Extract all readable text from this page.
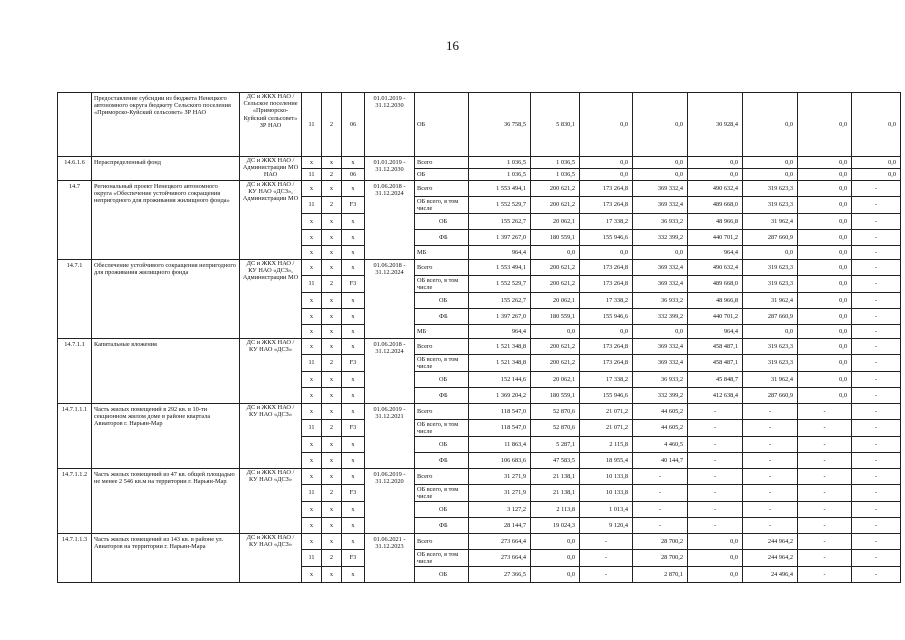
16
	Предоставление субсидии из бюджета Ненецкого автономного округа бюджету Сельского поселения «Приморско-Куйский сельсовет» ЗР НАО	ДС и ЖКХ НАО / Сельское поселение «Приморско-Куйский сельсовет» ЗР НАО	11	2	06	01.01.2019 - 31.12.2030	ОБ	36 758,5	5 830,1	0,0	0,0	30 928,4	0,0	0,0	0,0
14.6.1.6	Нераспределенный фонд	ДС и ЖКХ НАО / Администрации МО НАО	x	x	x	01.01.2019 - 31.12.2030	Всего	1 036,5	1 036,5	0,0	0,0	0,0	0,0	0,0	0,0
			11	2	06		ОБ	1 036,5	1 036,5	0,0	0,0	0,0	0,0	0,0	0,0
14.7	Региональный проект Ненецкого автономного округа «Обеспечение устойчивого сокращения непригодного для проживания жилищного фонда»	ДС и ЖКХ НАО / КУ НАО «ДСЗ», Администрации МО	x	x	x	01.06.2018 - 31.12.2024	Всего	1 553 494,1	200 621,2	173 264,8	369 332,4	490 632,4	319 623,3	0,0	-
			11	2	F3		ОБ всего, в том числе	1 552 529,7	200 621,2	173 264,8	369 332,4	489 668,0	319 623,3	0,0	-
			x	x	x		ОБ	155 262,7	20 062,1	17 338,2	36 933,2	48 966,8	31 962,4	0,0	-
			x	x	x		ФБ	1 397 267,0	180 559,1	155 946,6	332 399,2	440 701,2	287 660,9	0,0	-
			x	x	x		МБ	964,4	0,0	0,0	0,0	964,4	0,0	0,0	-
14.7.1	Обеспечение устойчивого сокращения непригодного для проживания жилищного фонда	ДС и ЖКХ НАО / КУ НАО «ДСЗ», Администрации МО	x	x	x	01.06.2018 - 31.12.2024	Всего	1 553 494,1	200 621,2	173 264,8	369 332,4	490 632,4	319 623,3	0,0	-
			11	2	F3		ОБ всего, в том числе	1 552 529,7	200 621,2	173 264,8	369 332,4	489 668,0	319 623,3	0,0	-
			x	x	x		ОБ	155 262,7	20 062,1	17 338,2	36 933,2	48 966,8	31 962,4	0,0	-
			x	x	x		ФБ	1 397 267,0	180 559,1	155 946,6	332 399,2	440 701,2	287 660,9	0,0	-
			x	x	x		МБ	964,4	0,0	0,0	0,0	964,4	0,0	0,0	-
14.7.1.1	Капитальные вложения	ДС и ЖКХ НАО / КУ НАО «ДСЗ»	x	x	x	01.06.2018 - 31.12.2024	Всего	1 521 348,8	200 621,2	173 264,8	369 332,4	458 487,1	319 623,3	0,0	-
			11	2	F3		ОБ всего, в том числе	1 521 348,8	200 621,2	173 264,8	369 332,4	458 487,1	319 623,3	0,0	-
			x	x	x		ОБ	152 144,6	20 062,1	17 338,2	36 933,2	45 848,7	31 962,4	0,0	-
			x	x	x		ФБ	1 369 204,2	180 559,1	155 946,6	332 399,2	412 638,4	287 660,9	0,0	-
14.7.1.1.1	Часть жилых помещений в 292 кв. в 10-ти секционном жилом доме в районе квартала Авиаторов г. Нарьян-Мар	ДС и ЖКХ НАО / КУ НАО «ДСЗ»	x	x	x	01.06.2019 - 31.12.2021	Всего	118 547,0	52 870,6	21 071,2	44 605,2	-	-	-	-
			11	2	F3		ОБ всего, в том числе	118 547,0	52 870,6	21 071,2	44 605,2	-	-	-	-
			x	x	x		ОБ	11 863,4	5 287,1	2 115,8	4 460,5	-	-	-	-
			x	x	x		ФБ	106 683,6	47 583,5	18 955,4	40 144,7	-	-	-	-
14.7.1.1.2	Часть жилых помещений из 47 кв. общей площадью не менее 2 546 кв.м на территории г. Нарьян-Мар	ДС и ЖКХ НАО / КУ НАО «ДСЗ»	x	x	x	01.06.2019 - 31.12.2020	Всего	31 271,9	21 138,1	10 133,8	-	-	-	-	-
			11	2	F3		ОБ всего, в том числе	31 271,9	21 138,1	10 133,8	-	-	-	-	-
			x	x	x		ОБ	3 127,2	2 113,8	1 013,4	-	-	-	-	-
			x	x	x		ФБ	28 144,7	19 024,3	9 120,4	-	-	-	-	-
14.7.1.1.3	Часть жилых помещений из 143 кв. в районе ул. Авиаторов на территории г. Нарьян-Мара	ДС и ЖКХ НАО / КУ НАО «ДСЗ»	x	x	x	01.06.2021 - 31.12.2023	Всего	273 664,4	0,0	-	28 700,2	0,0	244 964,2	-	-
			11	2	F3		ОБ всего, в том числе	273 664,4	0,0	-	28 700,2	0,0	244 964,2	-	-
			x	x	x		ОБ	27 366,5	0,0	-	2 870,1	0,0	24 496,4	-	-
